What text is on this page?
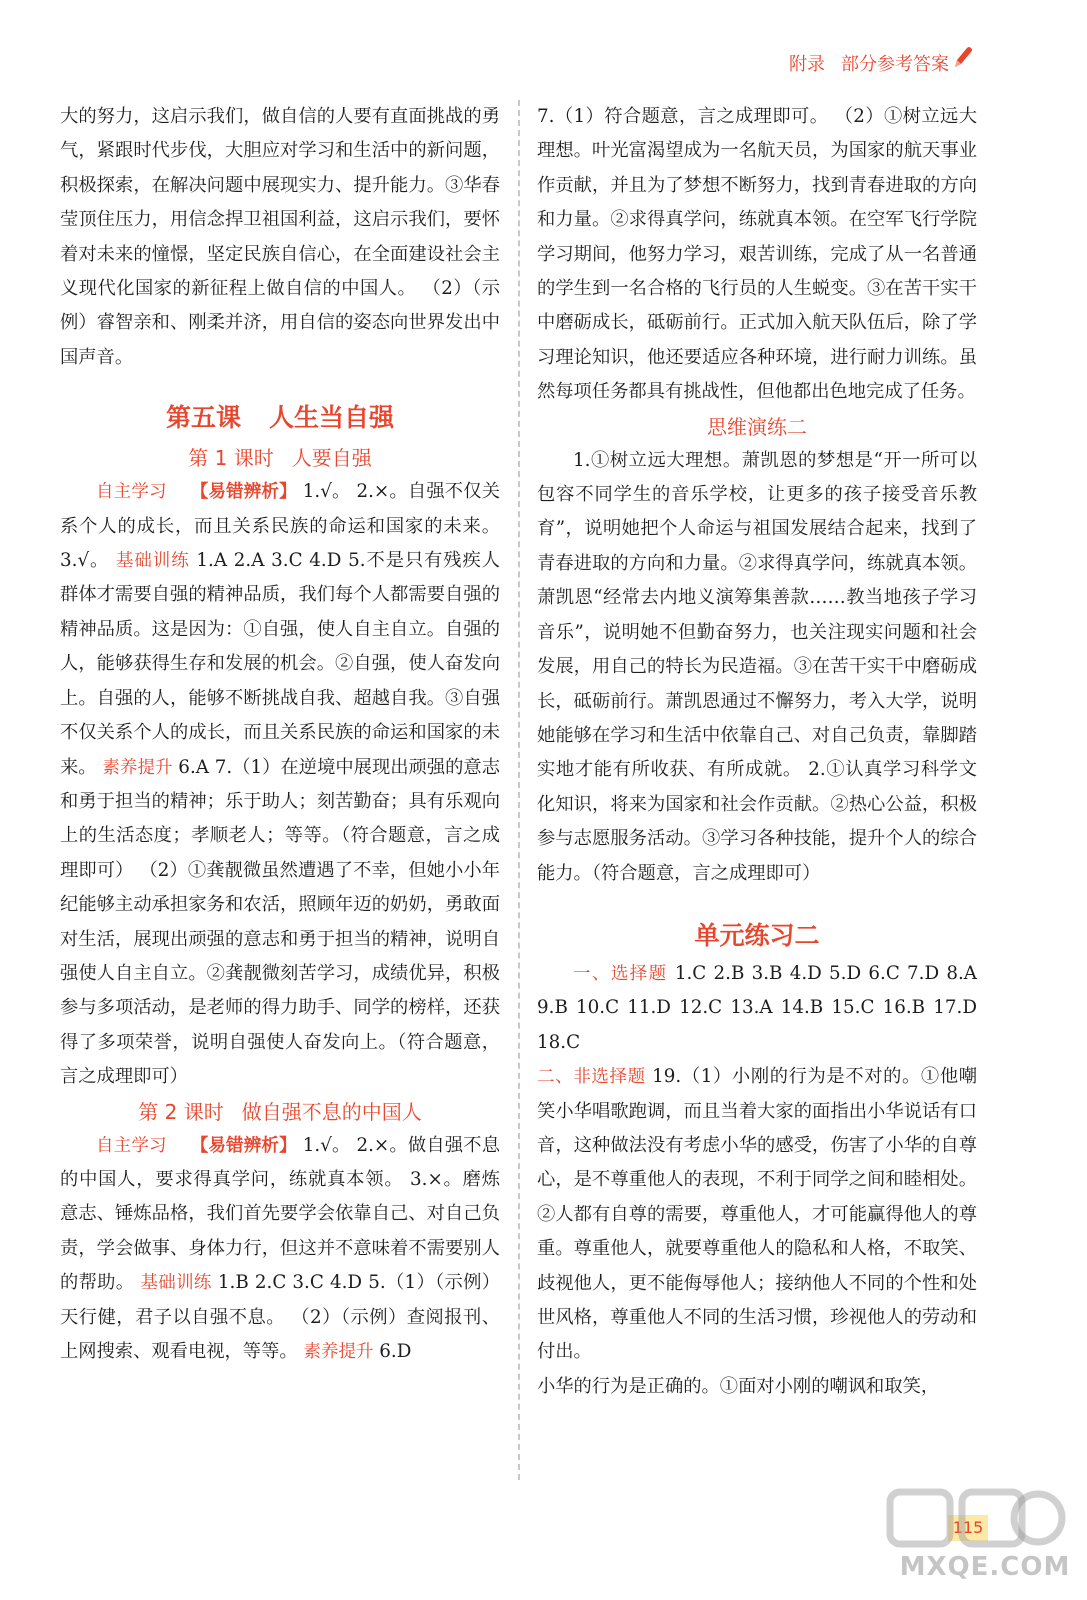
附录 部分参考答案

大的努力，这启示我们，做自信的人要有直面挑战的勇气，紧跟时代步伐，大胆应对学习和生活中的新问题，积极探索，在解决问题中展现实力、提升能力。③华春莹顶住压力，用信念捍卫祖国利益，这启示我们，要怀着对未来的憧憬，坚定民族自信心，在全面建设社会主义现代化国家的新征程上做自信的中国人。 （2）（示例）睿智亲和、刚柔并济，用自信的姿态向世界发出中国声音。

第五课 人生当自强
第 1 课时 人要自强

自主学习 【易错辨析】 1.√。 2.×。自强不仅关系个人的成长，而且关系民族的命运和国家的未来。 3.√。 基础训练 1.A 2.A 3.C 4.D 5.不是只有残疾人群体才需要自强的精神品质，我们每个人都需要自强的精神品质。这是因为：①自强，使人自主自立。自强的人，能够获得生存和发展的机会。②自强，使人奋发向上。自强的人，能够不断挑战自我、超越自我。③自强不仅关系个人的成长，而且关系民族的命运和国家的未来。 素养提升 6.A 7.（1）在逆境中展现出顽强的意志和勇于担当的精神；乐于助人；刻苦勤奋；具有乐观向上的生活态度；孝顺老人；等等。（符合题意，言之成理即可） （2）①龚靓微虽然遭遇了不幸，但她小小年纪能够主动承担家务和农活，照顾年迈的奶奶，勇敢面对生活，展现出顽强的意志和勇于担当的精神，说明自强使人自主自立。②龚靓微刻苦学习，成绩优异，积极参与多项活动，是老师的得力助手、同学的榜样，还获得了多项荣誉，说明自强使人奋发向上。（符合题意，言之成理即可）

第 2 课时 做自强不息的中国人

自主学习 【易错辨析】 1.√。 2.×。做自强不息的中国人，要求得真学问，练就真本领。 3.×。磨炼意志、锤炼品格，我们首先要学会依靠自己、对自己负责，学会做事、身体力行，但这并不意味着不需要别人的帮助。 基础训练 1.B 2.C 3.C 4.D 5.（1）（示例）天行健，君子以自强不息。 （2）（示例）查阅报刊、上网搜索、观看电视，等等。 素养提升 6.D

7.（1）符合题意，言之成理即可。 （2）①树立远大理想。叶光富渴望成为一名航天员，为国家的航天事业作贡献，并且为了梦想不断努力，找到青春进取的方向和力量。②求得真学问，练就真本领。在空军飞行学院学习期间，他努力学习，艰苦训练，完成了从一名普通的学生到一名合格的飞行员的人生蜕变。③在苦干实干中磨砺成长，砥砺前行。正式加入航天队伍后，除了学习理论知识，他还要适应各种环境，进行耐力训练。虽然每项任务都具有挑战性，但他都出色地完成了任务。

思维演练二

1.①树立远大理想。萧凯恩的梦想是“开一所可以包容不同学生的音乐学校，让更多的孩子接受音乐教育”，说明她把个人命运与祖国发展结合起来，找到了青春进取的方向和力量。②求得真学问，练就真本领。萧凯恩“经常去内地义演筹集善款……教当地孩子学习音乐”，说明她不但勤奋努力，也关注现实问题和社会发展，用自己的特长为民造福。③在苦干实干中磨砺成长，砥砺前行。萧凯恩通过不懈努力，考入大学，说明她能够在学习和生活中依靠自己、对自己负责，靠脚踏实地才能有所收获、有所成就。 2.①认真学习科学文化知识，将来为国家和社会作贡献。②热心公益，积极参与志愿服务活动。③学习各种技能，提升个人的综合能力。（符合题意，言之成理即可）

单元练习二

一、选择题 1.C 2.B 3.B 4.D 5.D 6.C 7.D 8.A 9.B 10.C 11.D 12.C 13.A 14.B 15.C 16.B 17.D 18.C

二、非选择题 19.（1）小刚的行为是不对的。①他嘲笑小华唱歌跑调，而且当着大家的面指出小华说话有口音，这种做法没有考虑小华的感受，伤害了小华的自尊心，是不尊重他人的表现，不利于同学之间和睦相处。②人都有自尊的需要，尊重他人，才可能赢得他人的尊重。尊重他人，就要尊重他人的隐私和人格，不取笑、歧视他人，更不能侮辱他人；接纳他人不同的个性和处世风格，尊重他人不同的生活习惯，珍视他人的劳动和付出。

小华的行为是正确的。①面对小刚的嘲讽和取笑，

115
MXQE.COM
